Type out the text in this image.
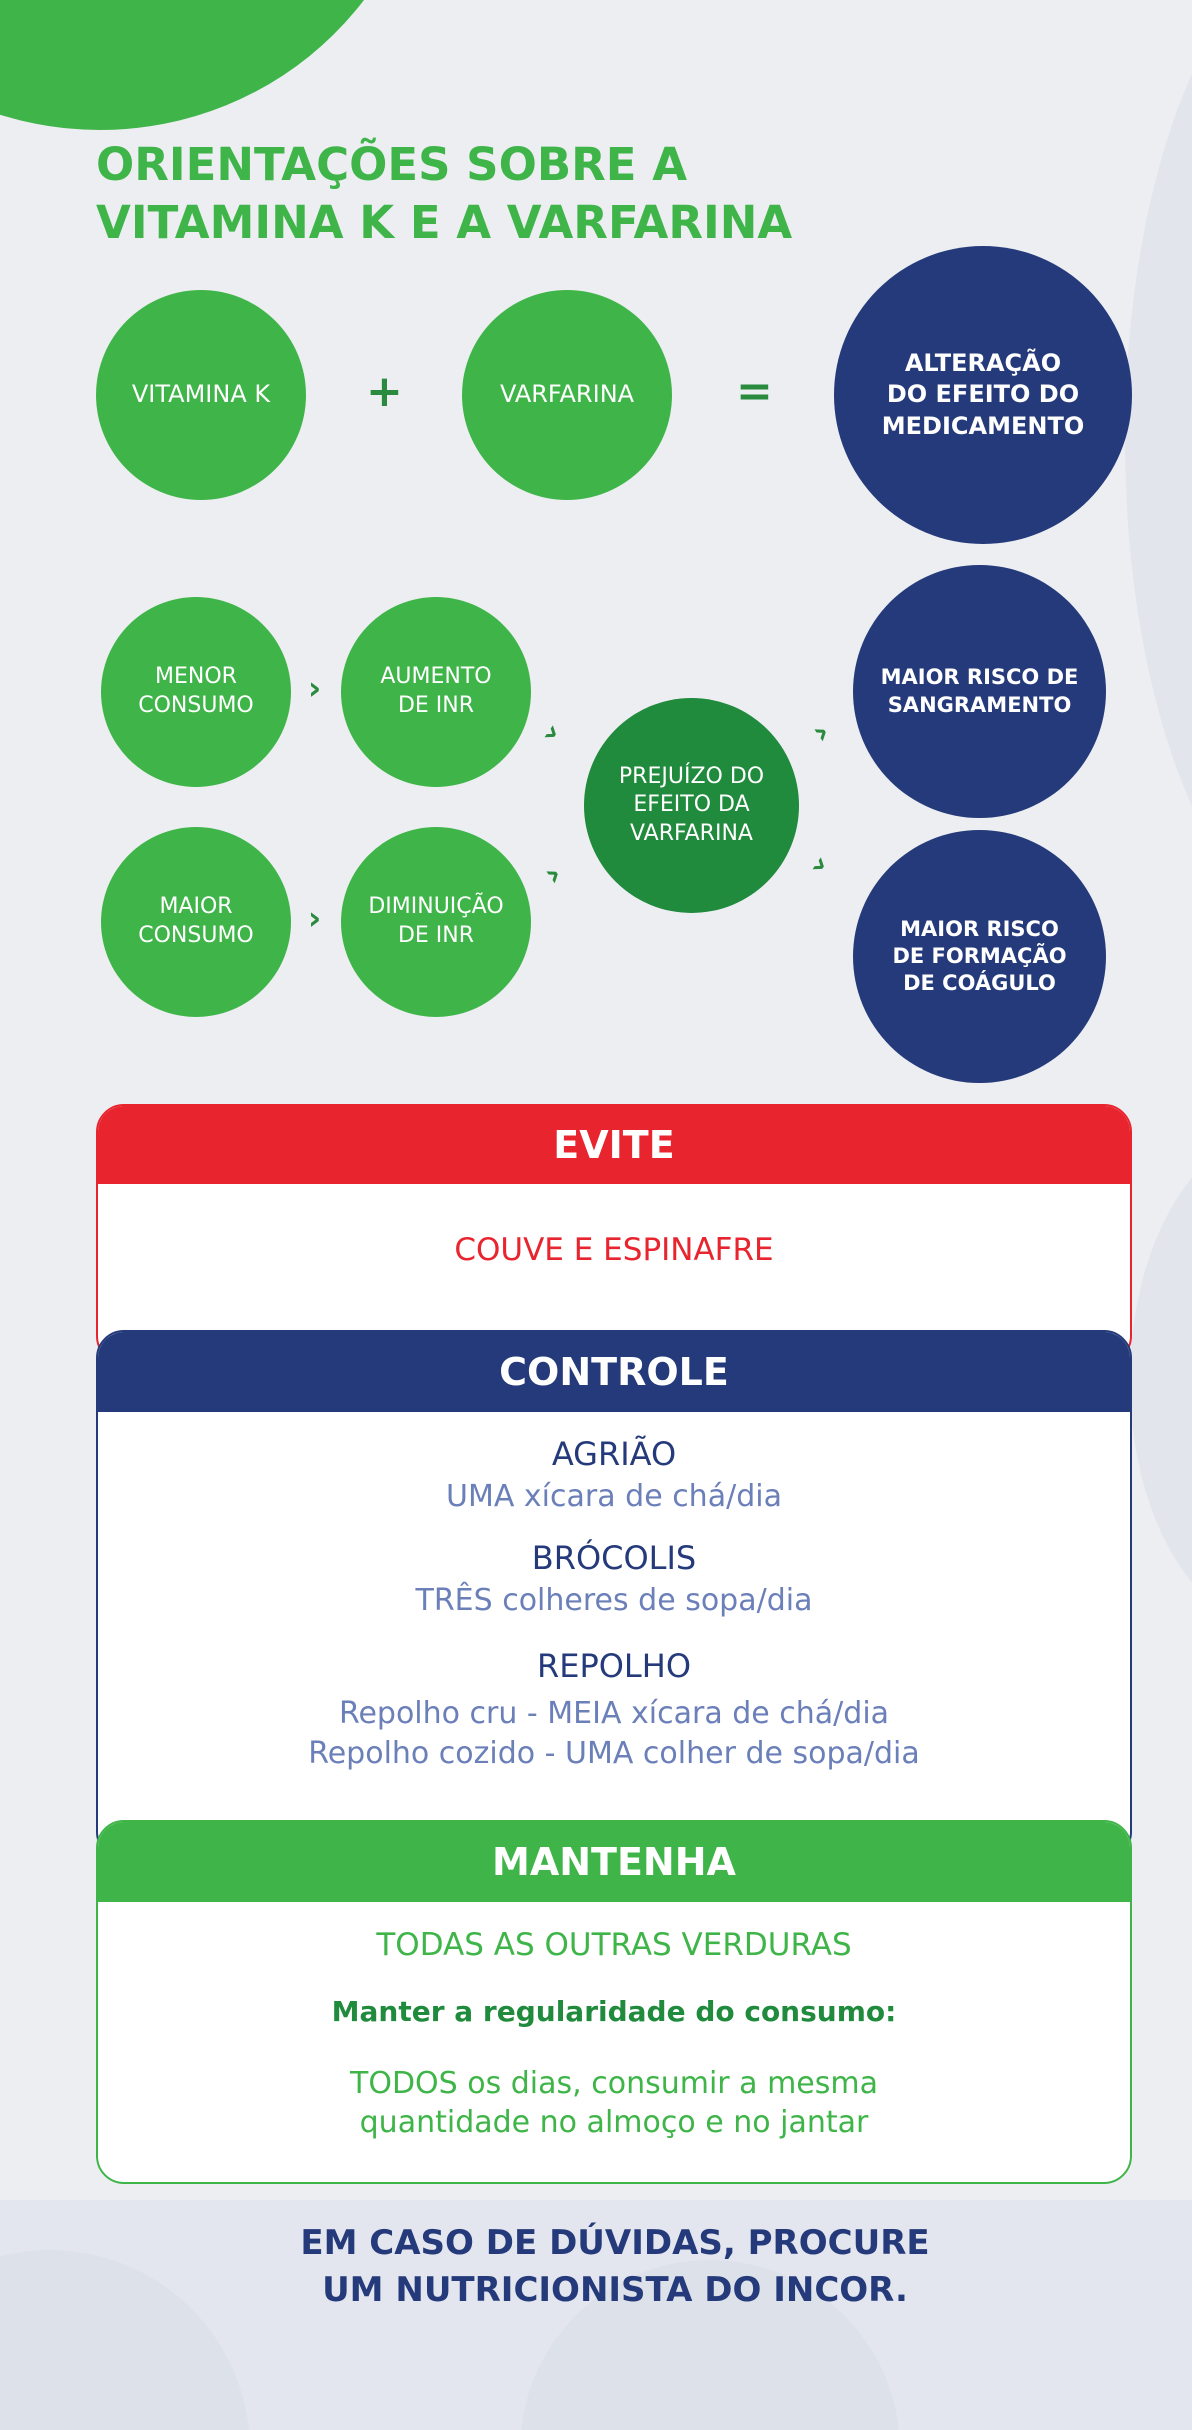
ORIENTAÇÕES SOBRE A
VITAMINA K E A VARFARINA
VITAMINA K	+	VARFARINA	=
ALTERAÇÃO
DO EFEITO DO
MEDICAMENTO
MENOR
CONSUMO	›	AUMENTO
DE INR
MAIOR
CONSUMO	›	DIMINUIÇÃO
DE INR
›
›
PREJUÍZO DO
EFEITO DA
VARFARINA
›
›
MAIOR RISCO DE
SANGRAMENTO
MAIOR RISCO
DE FORMAÇÃO
DE COÁGULO
EVITE
COUVE E ESPINAFRE
CONTROLE
AGRIÃO
UMA xícara de chá/dia
BRÓCOLIS
TRÊS colheres de sopa/dia
REPOLHO
Repolho cru - MEIA xícara de chá/dia
Repolho cozido - UMA colher de sopa/dia
MANTENHA
TODAS AS OUTRAS VERDURAS
Manter a regularidade do consumo:
TODOS os dias, consumir a mesma
quantidade no almoço e no jantar
EM CASO DE DÚVIDAS, PROCURE
UM NUTRICIONISTA DO INCOR.
